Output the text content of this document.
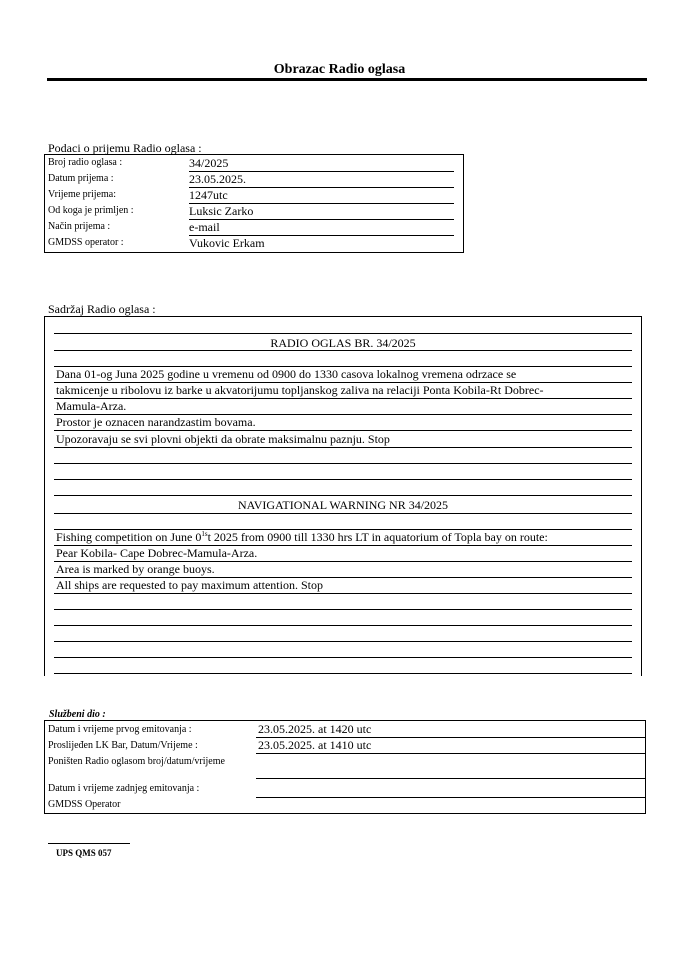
Obrazac Radio oglasa
Podaci o prijemu Radio oglasa :
Broj radio oglasa :	34/2025
Datum prijema :	23.05.2025.
Vrijeme prijema:	1247utc
Od koga je primljen :	Luksic Zarko
Način prijema :	e-mail
GMDSS operator :	Vukovic Erkam
Sadržaj Radio oglasa :
RADIO OGLAS BR. 34/2025
Dana 01-og Juna 2025 godine u vremenu od 0900 do 1330 casova lokalnog vremena odrzace se
takmicenje u ribolovu iz barke u akvatorijumu topljanskog zaliva na relaciji Ponta Kobila-Rt Dobrec-
Mamula-Arza.
Prostor je oznacen narandzastim bovama.
Upozoravaju se svi plovni objekti da obrate maksimalnu paznju. Stop
NAVIGATIONAL WARNING NR 34/2025
Fishing competition on June $0^{1s}t$ 2025 from 0900 till 1330 hrs LT in aquatorium of Topla bay on route:
Pear Kobila- Cape Dobrec-Mamula-Arza.
Area is marked by orange buoys.
All ships are requested to pay maximum attention. Stop
Službeni dio :
Datum i vrijeme prvog emitovanja :	23.05.2025. at 1420 utc
Proslijeđen LK Bar, Datum/Vrijeme :	23.05.2025. at 1410 utc
Poništen Radio oglasom broj/datum/vrijeme
Datum i vrijeme zadnjeg emitovanja :
GMDSS Operator
UPS QMS 057
